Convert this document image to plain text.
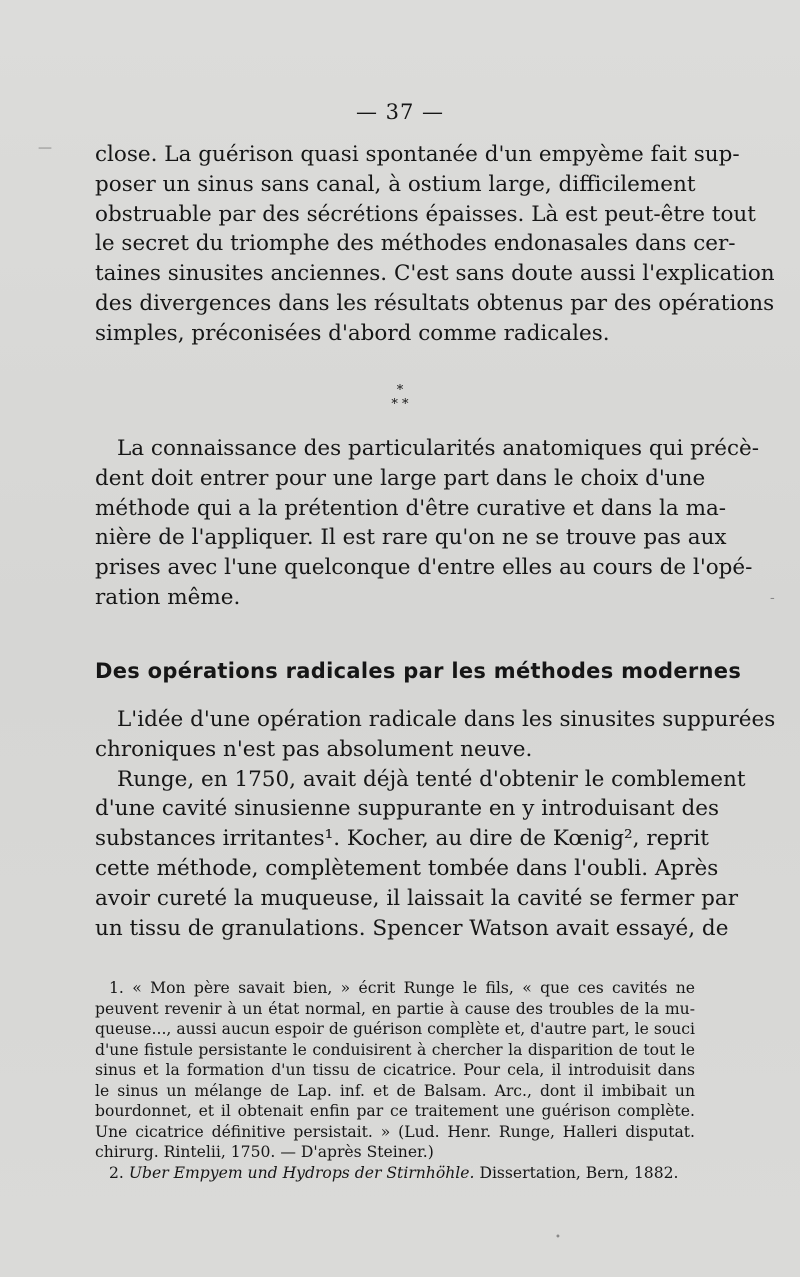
— 37 —
close. La guérison quasi spontanée d'un empyème fait sup-
poser un sinus sans canal, à ostium large, difficilement
obstruable par des sécrétions épaisses. Là est peut-être tout
le secret du triomphe des méthodes endonasales dans cer-
taines sinusites anciennes. C'est sans doute aussi l'explication
des divergences dans les résultats obtenus par des opérations
simples, préconisées d'abord comme radicales.
*
* *
La connaissance des particularités anatomiques qui précè-
dent doit entrer pour une large part dans le choix d'une
méthode qui a la prétention d'être curative et dans la ma-
nière de l'appliquer. Il est rare qu'on ne se trouve pas aux
prises avec l'une quelconque d'entre elles au cours de l'opé-
ration même.
Des opérations radicales par les méthodes modernes
L'idée d'une opération radicale dans les sinusites suppurées
chroniques n'est pas absolument neuve.
Runge, en 1750, avait déjà tenté d'obtenir le comblement
d'une cavité sinusienne suppurante en y introduisant des
substances irritantes¹. Kocher, au dire de Kœnig², reprit
cette méthode, complètement tombée dans l'oubli. Après
avoir cureté la muqueuse, il laissait la cavité se fermer par
un tissu de granulations. Spencer Watson avait essayé, de
1. « Mon père savait bien, » écrit Runge le fils, « que ces cavités ne
peuvent revenir à un état normal, en partie à cause des troubles de la mu-
queuse..., aussi aucun espoir de guérison complète et, d'autre part, le souci
d'une fistule persistante le conduisirent à chercher la disparition de tout le
sinus et la formation d'un tissu de cicatrice. Pour cela, il introduisit dans
le sinus un mélange de Lap. inf. et de Balsam. Arc., dont il imbibait un
bourdonnet, et il obtenait enfin par ce traitement une guérison complète.
Une cicatrice définitive persistait. » (Lud. Henr. Runge, Halleri disputat.
chirurg. Rintelii, 1750. — D'après Steiner.)
2. Uber Empyem und Hydrops der Stirnhöhle. Dissertation, Bern, 1882.
—
-
•
